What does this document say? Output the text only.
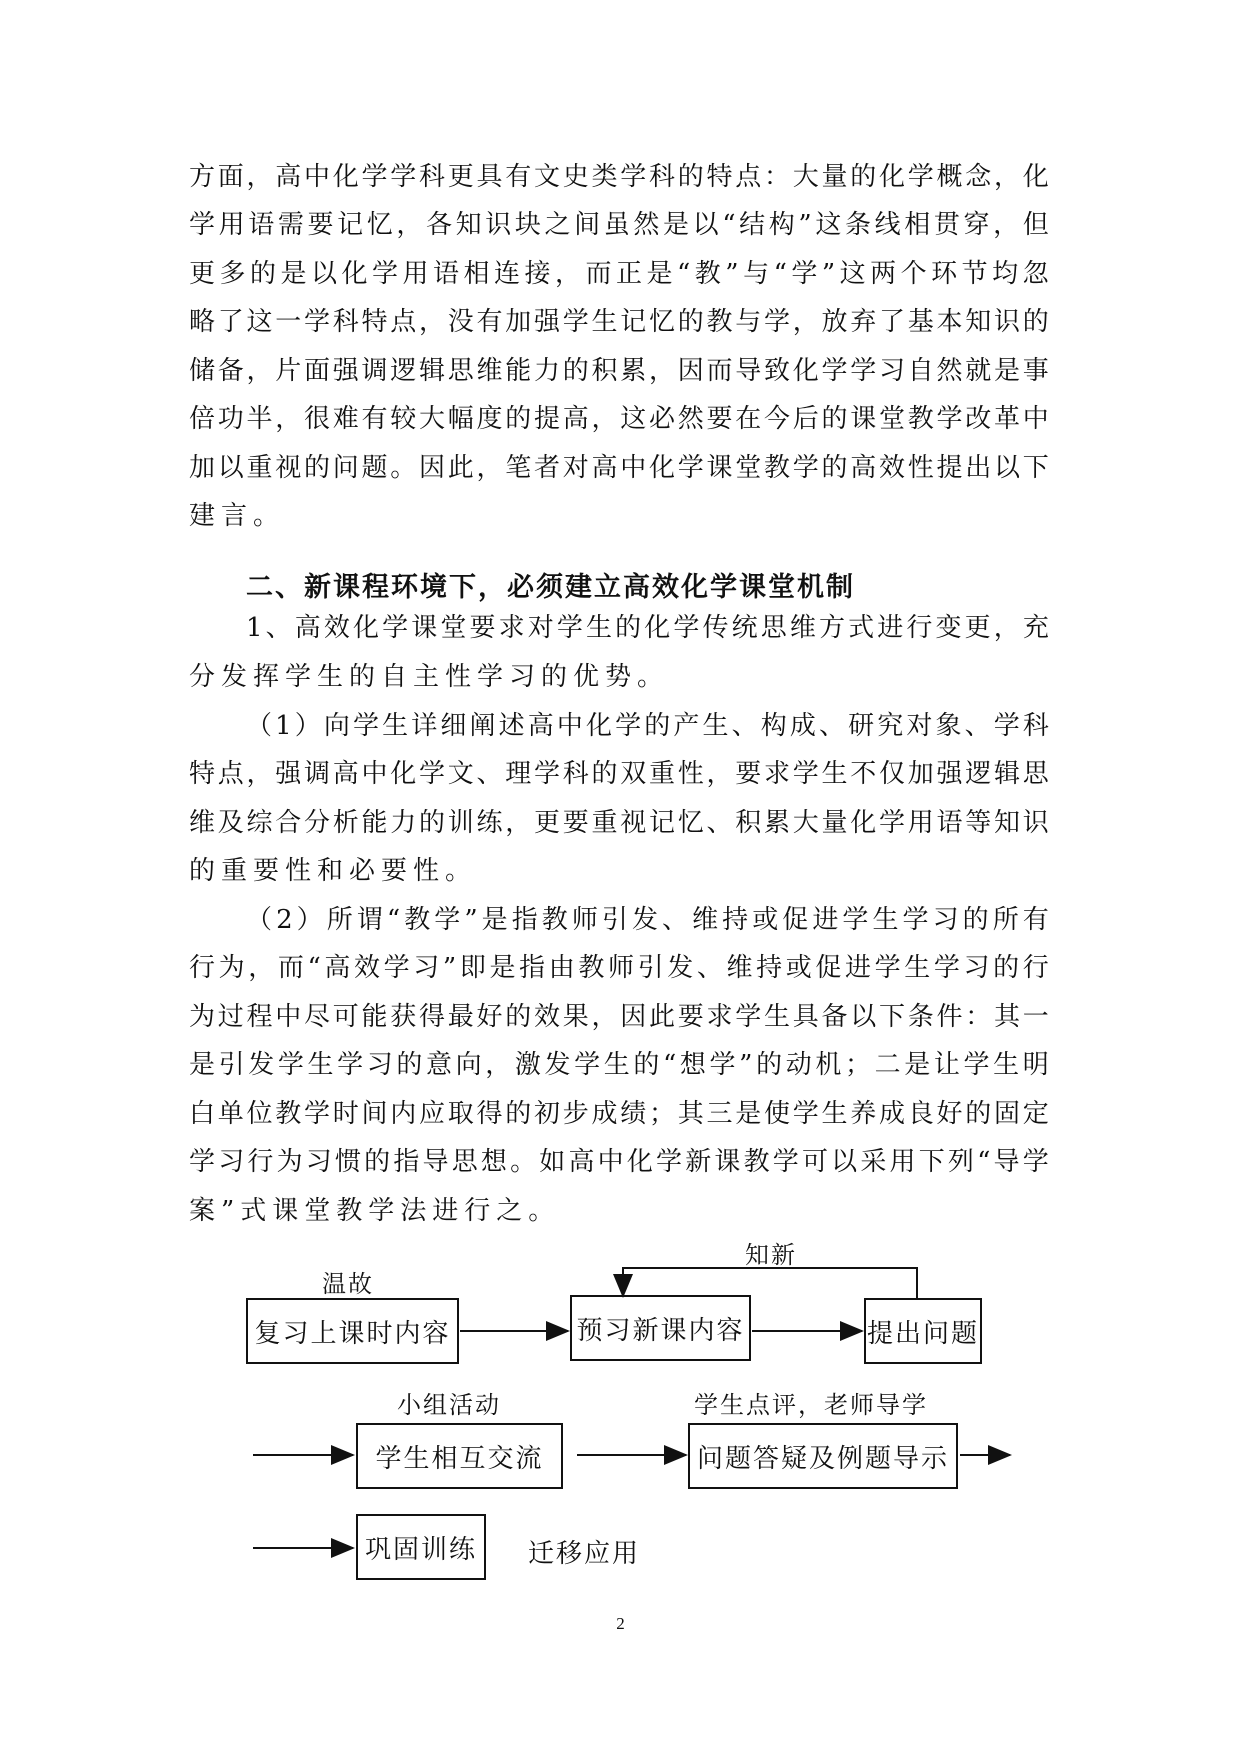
方 面 ， 高 中 化 学 学 科 更 具 有 文 史 类 学 科 的 特 点 ： 大 量 的 化 学 概 念 ， 化
学 用 语 需 要 记 忆 ， 各 知 识 块 之 间 虽 然 是 以 “ 结 构 ” 这 条 线 相 贯 穿 ， 但
更 多 的 是 以 化 学 用 语 相 连 接 ， 而 正 是 “ 教 ” 与 “ 学 ” 这 两 个 环 节 均 忽
略 了 这 一 学 科 特 点 ， 没 有 加 强 学 生 记 忆 的 教 与 学 ， 放 弃 了 基 本 知 识 的
储 备 ， 片 面 强 调 逻 辑 思 维 能 力 的 积 累 ， 因 而 导 致 化 学 学 习 自 然 就 是 事
倍 功 半 ， 很 难 有 较 大 幅 度 的 提 高 ， 这 必 然 要 在 今 后 的 课 堂 教 学 改 革 中
加 以 重 视 的 问 题 。 因 此 ， 笔 者 对 高 中 化 学 课 堂 教 学 的 高 效 性 提 出 以 下
建言。
二、新课程环境下，必须建立高效化学课堂机制
1 、 高 效 化 学 课 堂 要 求 对 学 生 的 化 学 传 统 思 维 方 式 进 行 变 更 ， 充
分发挥学生的自主性学习的优势。
（ 1 ） 向 学 生 详 细 阐 述 高 中 化 学 的 产 生 、 构 成 、 研 究 对 象 、 学 科
特 点 ， 强 调 高 中 化 学 文 、 理 学 科 的 双 重 性 ， 要 求 学 生 不 仅 加 强 逻 辑 思
维 及 综 合 分 析 能 力 的 训 练 ， 更 要 重 视 记 忆 、 积 累 大 量 化 学 用 语 等 知 识
的重要性和必要性。
（ 2 ） 所 谓 “ 教 学 ” 是 指 教 师 引 发 、 维 持 或 促 进 学 生 学 习 的 所 有
行 为 ， 而 “ 高 效 学 习 ” 即 是 指 由 教 师 引 发 、 维 持 或 促 进 学 生 学 习 的 行
为 过 程 中 尽 可 能 获 得 最 好 的 效 果 ， 因 此 要 求 学 生 具 备 以 下 条 件 ： 其 一
是 引 发 学 生 学 习 的 意 向 ， 激 发 学 生 的 “ 想 学 ” 的 动 机 ； 二 是 让 学 生 明
白 单 位 教 学 时 间 内 应 取 得 的 初 步 成 绩 ； 其 三 是 使 学 生 养 成 良 好 的 固 定
学 习 行 为 习 惯 的 指 导 思 想 。 如 高 中 化 学 新 课 教 学 可 以 采 用 下 列 “ 导 学
案”式课堂教学法进行之。
温故
知新
复习上课时内容	预习新课内容	提出问题
小组活动	学生点评，老师导学
学生相互交流	问题答疑及例题导示
巩固训练 迁移应用
2
